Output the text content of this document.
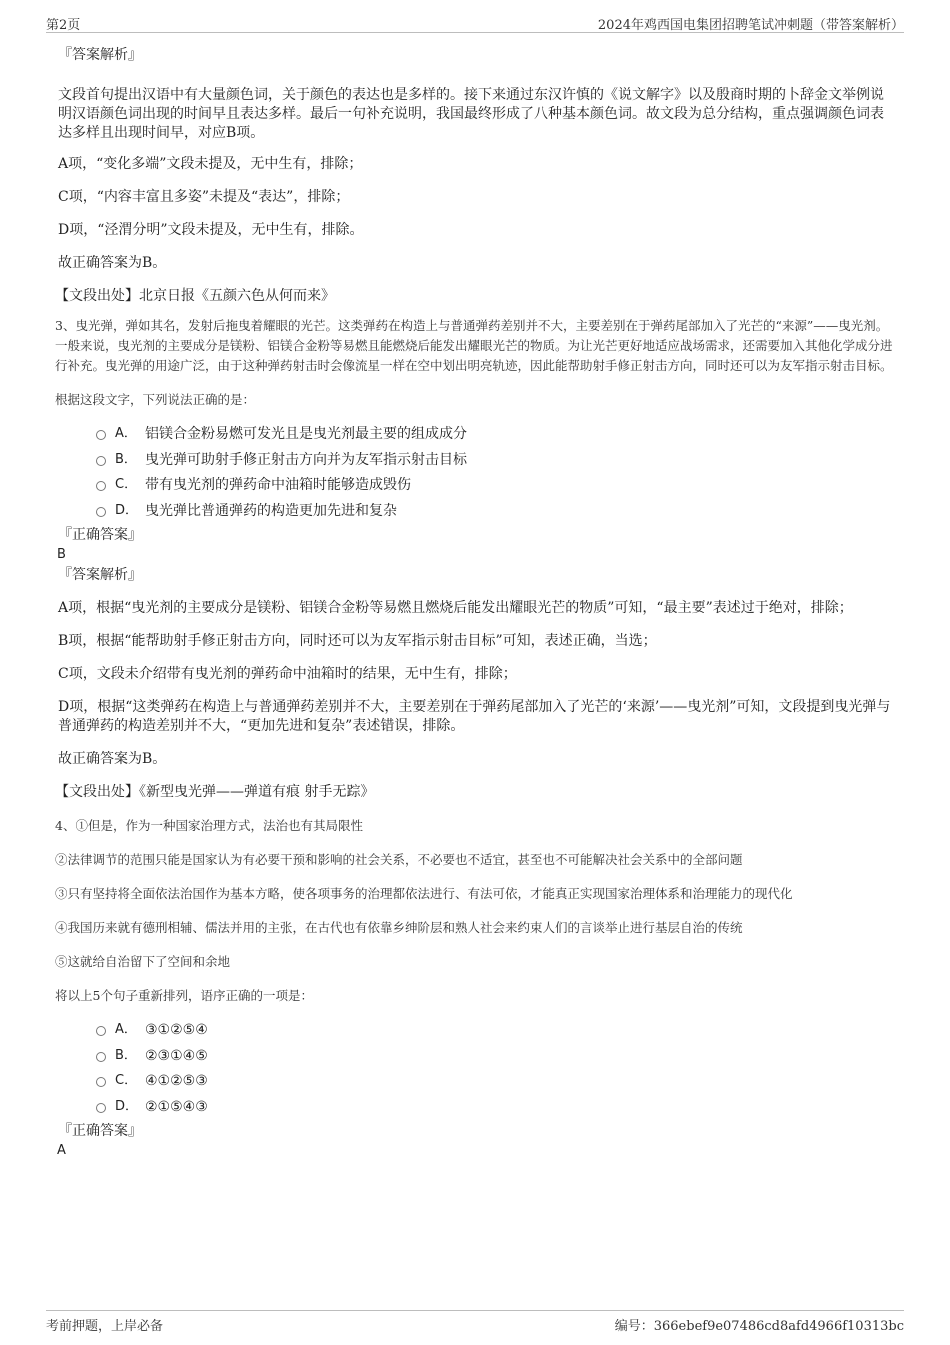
第2页	2024年鸡西国电集团招聘笔试冲刺题（带答案解析）
『答案解析』
文段首句提出汉语中有大量颜色词，关于颜色的表达也是多样的。接下来通过东汉许慎的《说文解字》以及殷商时期的卜辞金文举例说明汉语颜色词出现的时间早且表达多样。最后一句补充说明，我国最终形成了八种基本颜色词。故文段为总分结构，重点强调颜色词表达多样且出现时间早，对应B项。
A项，“变化多端”文段未提及，无中生有，排除；
C项，“内容丰富且多姿”未提及“表达”，排除；
D项，“泾渭分明”文段未提及，无中生有，排除。
故正确答案为B。
【文段出处】北京日报《五颜六色从何而来》
3、曳光弹，弹如其名，发射后拖曳着耀眼的光芒。这类弹药在构造上与普通弹药差别并不大，主要差别在于弹药尾部加入了光芒的“来源”——曳光剂。一般来说，曳光剂的主要成分是镁粉、铝镁合金粉等易燃且能燃烧后能发出耀眼光芒的物质。为让光芒更好地适应战场需求，还需要加入其他化学成分进行补充。曳光弹的用途广泛，由于这种弹药射击时会像流星一样在空中划出明亮轨迹，因此能帮助射手修正射击方向，同时还可以为友军指示射击目标。
根据这段文字，下列说法正确的是：
A． 铝镁合金粉易燃可发光且是曳光剂最主要的组成成分
B． 曳光弹可助射手修正射击方向并为友军指示射击目标
C． 带有曳光剂的弹药命中油箱时能够造成毁伤
D． 曳光弹比普通弹药的构造更加先进和复杂
『正确答案』
B
『答案解析』
A项，根据“曳光剂的主要成分是镁粉、铝镁合金粉等易燃且燃烧后能发出耀眼光芒的物质”可知，“最主要”表述过于绝对，排除；
B项，根据“能帮助射手修正射击方向，同时还可以为友军指示射击目标”可知，表述正确，当选；
C项，文段未介绍带有曳光剂的弹药命中油箱时的结果，无中生有，排除；
D项，根据“这类弹药在构造上与普通弹药差别并不大，主要差别在于弹药尾部加入了光芒的‘来源’——曳光剂”可知，文段提到曳光弹与普通弹药的构造差别并不大，“更加先进和复杂”表述错误，排除。
故正确答案为B。
【文段出处】《新型曳光弹——弹道有痕 射手无踪》
4、①但是，作为一种国家治理方式，法治也有其局限性
②法律调节的范围只能是国家认为有必要干预和影响的社会关系，不必要也不适宜，甚至也不可能解决社会关系中的全部问题
③只有坚持将全面依法治国作为基本方略，使各项事务的治理都依法进行、有法可依，才能真正实现国家治理体系和治理能力的现代化
④我国历来就有德刑相辅、儒法并用的主张，在古代也有依靠乡绅阶层和熟人社会来约束人们的言谈举止进行基层自治的传统
⑤这就给自治留下了空间和余地
将以上5个句子重新排列，语序正确的一项是：
A． ③①②⑤④
B． ②③①④⑤
C． ④①②⑤③
D． ②①⑤④③
『正确答案』
A
考前押题，上岸必备	编号：366ebef9e07486cd8afd4966f10313bc
